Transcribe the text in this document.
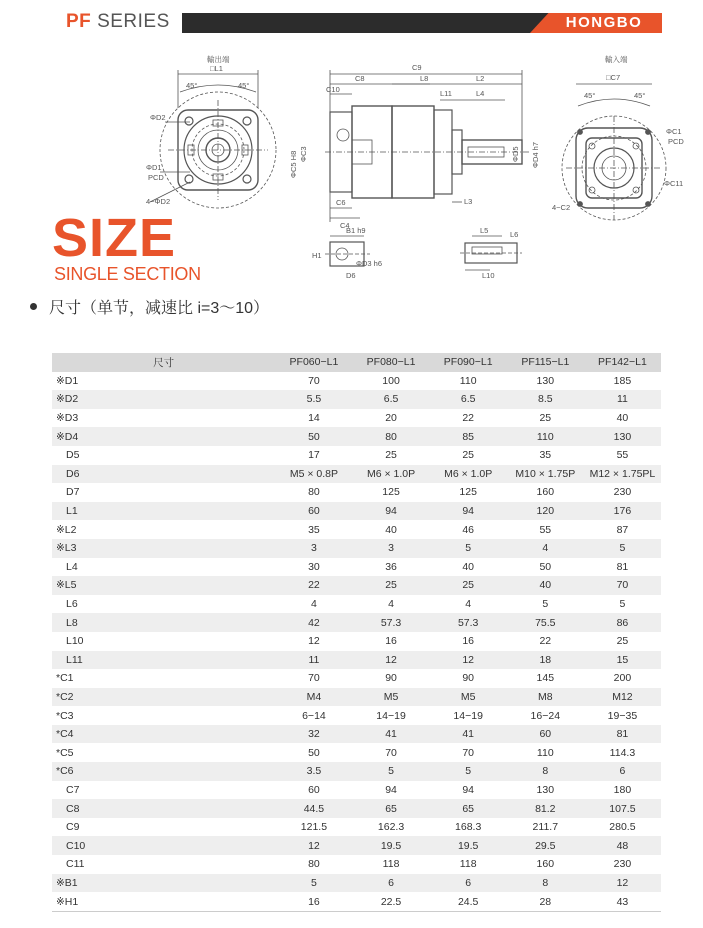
PF SERIES	HONGBO
輸出端
□L1
45°	45°
ΦD2
ΦD1
PCD
4−ΦD2
C9
C8	L8	L2
C10	L11	L4
ΦC5 H8 ΦC3	ΦD5 ΦD4 h7
C6
C4
L3
輸入端
□C7
45°	45°
ΦC1
PCD
ΦC11
4−C2
B1 h9
H1
ΦD3 h6
D6
L5	L6
L10
SIZE
SINGLE SECTION
尺寸（单节，减速比 i=3～10）
尺寸	PF060−L1	PF080−L1	PF090−L1	PF115−L1	PF142−L1
※D1	70	100	110	130	185
※D2	5.5	6.5	6.5	8.5	11
※D3	14	20	22	25	40
※D4	50	80	85	110	130
D5	17	25	25	35	55
D6	M5 × 0.8P	M6 × 1.0P	M6 × 1.0P	M10 × 1.75P	M12 × 1.75PL
D7	80	125	125	160	230
L1	60	94	94	120	176
※L2	35	40	46	55	87
※L3	3	3	5	4	5
L4	30	36	40	50	81
※L5	22	25	25	40	70
L6	4	4	4	5	5
L8	42	57.3	57.3	75.5	86
L10	12	16	16	22	25
L11	11	12	12	18	15
*C1	70	90	90	145	200
*C2	M4	M5	M5	M8	M12
*C3	6−14	14−19	14−19	16−24	19−35
*C4	32	41	41	60	81
*C5	50	70	70	110	114.3
*C6	3.5	5	5	8	6
C7	60	94	94	130	180
C8	44.5	65	65	81.2	107.5
C9	121.5	162.3	168.3	211.7	280.5
C10	12	19.5	19.5	29.5	48
C11	80	118	118	160	230
※B1	5	6	6	8	12
※H1	16	22.5	24.5	28	43
